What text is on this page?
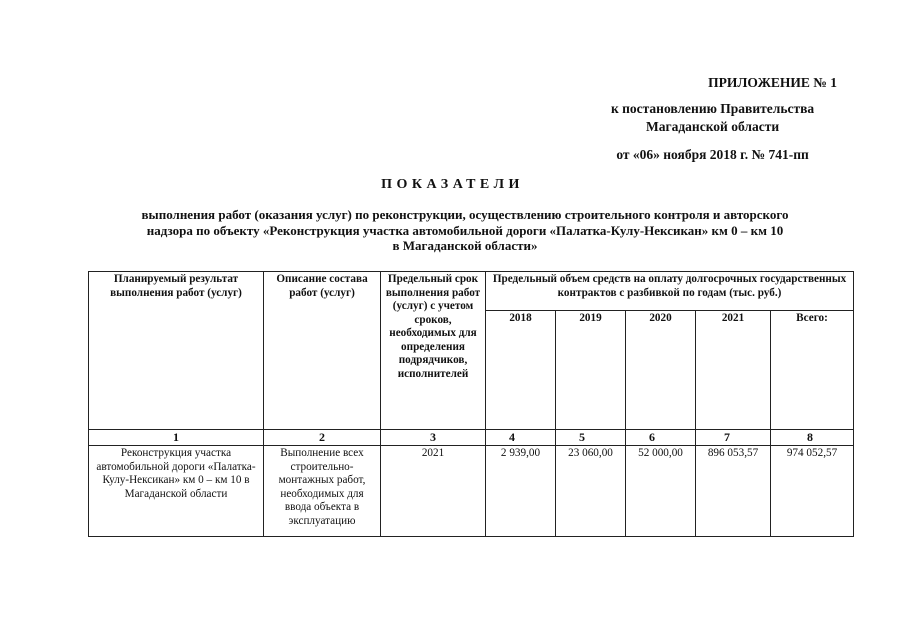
ПРИЛОЖЕНИЕ № 1
к постановлению Правительства
Магаданской области
от «06» ноября 2018 г. № 741-пп
ПОКАЗАТЕЛИ
выполнения работ (оказания услуг) по реконструкции, осуществлению строительного контроля и авторского
надзора по объекту «Реконструкция участка автомобильной дороги «Палатка-Кулу-Нексикан» км 0 – км 10
в Магаданской области»
Планируемый результат выполнения работ (услуг)	Описание состава работ (услуг)	Предельный срок выполнения работ (услуг) с учетом сроков, необходимых для определения подрядчиков, исполнителей	Предельный объем средств на оплату долгосрочных государственных контрактов с разбивкой по годам (тыс. руб.)				
			2018	2019	2020	2021	Всего:
1	2	3	4	5	6	7	8
Реконструкция участка автомобильной дороги «Палатка-Кулу-Нексикан» км 0 – км 10 в Магаданской области	Выполнение всех строительно-монтажных работ, необходимых для ввода объекта в эксплуатацию	2021	2 939,00	23 060,00	52 000,00	896 053,57	974 052,57
